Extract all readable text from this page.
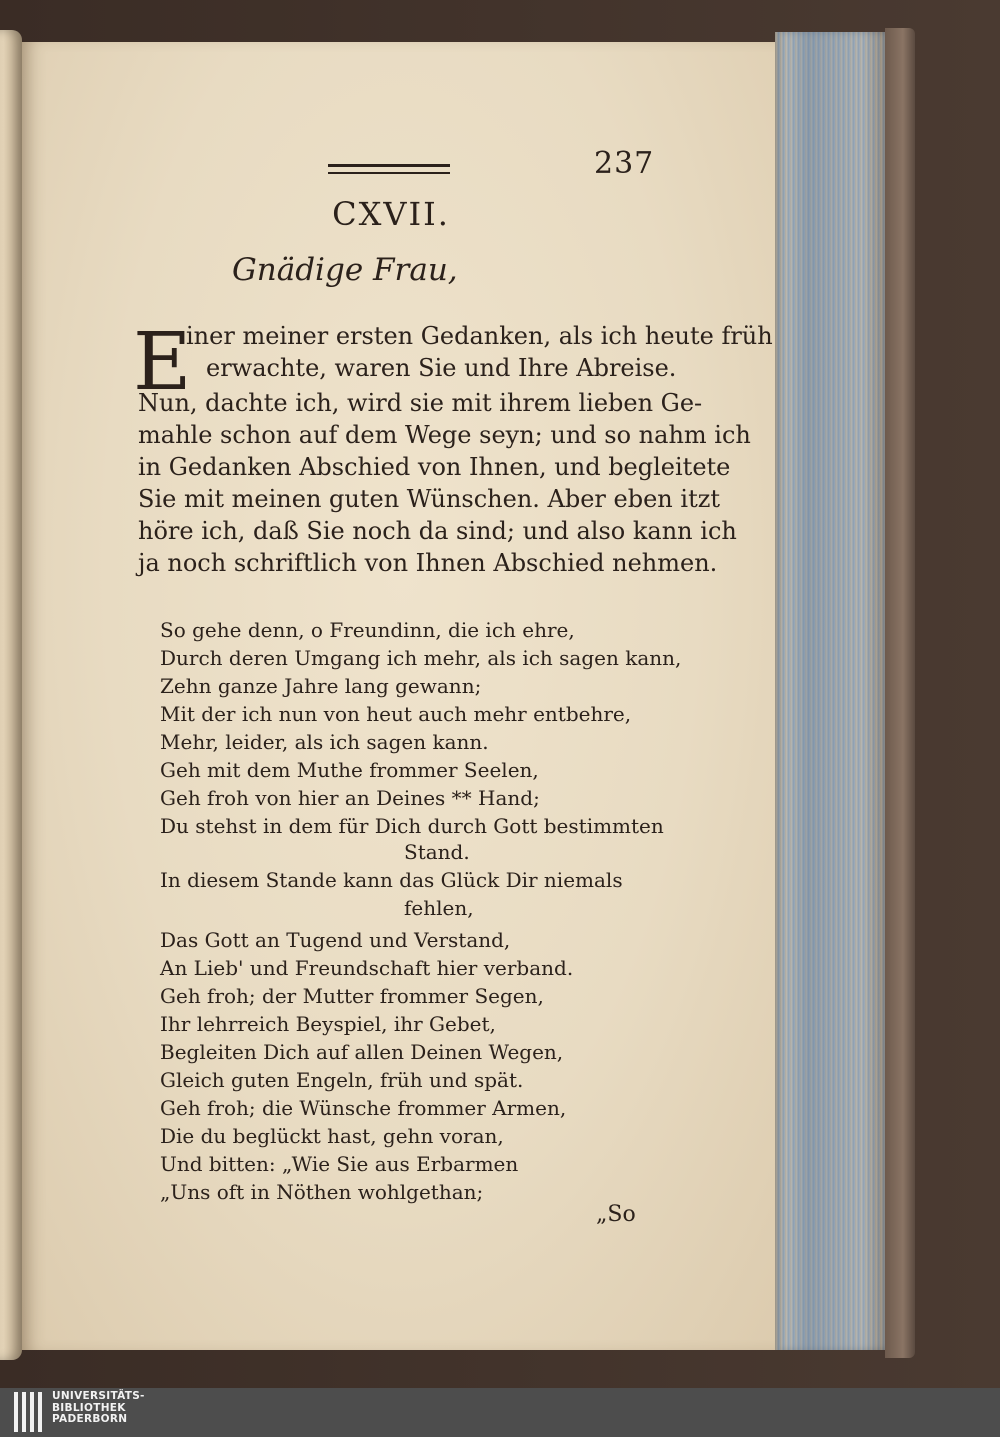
237
CXVII.
Gnädige Frau,
E
iner meiner ersten Gedanken, als ich heute früh
erwachte, waren Sie und Ihre Abreise.
Nun, dachte ich, wird sie mit ihrem lieben Ge-
mahle schon auf dem Wege seyn; und so nahm ich
in Gedanken Abschied von Ihnen, und begleitete
Sie mit meinen guten Wünschen. Aber eben itzt
höre ich, daß Sie noch da sind; und also kann ich
ja noch schriftlich von Ihnen Abschied nehmen.
So gehe denn, o Freundinn, die ich ehre,
Durch deren Umgang ich mehr, als ich sagen kann,
Zehn ganze Jahre lang gewann;
Mit der ich nun von heut auch mehr entbehre,
Mehr, leider, als ich sagen kann.
Geh mit dem Muthe frommer Seelen,
Geh froh von hier an Deines ** Hand;
Du stehst in dem für Dich durch Gott bestimmten
Stand.
In diesem Stande kann das Glück Dir niemals
fehlen,
Das Gott an Tugend und Verstand,
An Lieb' und Freundschaft hier verband.
Geh froh; der Mutter frommer Segen,
Ihr lehrreich Beyspiel, ihr Gebet,
Begleiten Dich auf allen Deinen Wegen,
Gleich guten Engeln, früh und spät.
Geh froh; die Wünsche frommer Armen,
Die du beglückt hast, gehn voran,
Und bitten: „Wie Sie aus Erbarmen
„Uns oft in Nöthen wohlgethan;
„So
UNIVERSITÄTS-
BIBLIOTHEK
PADERBORN
